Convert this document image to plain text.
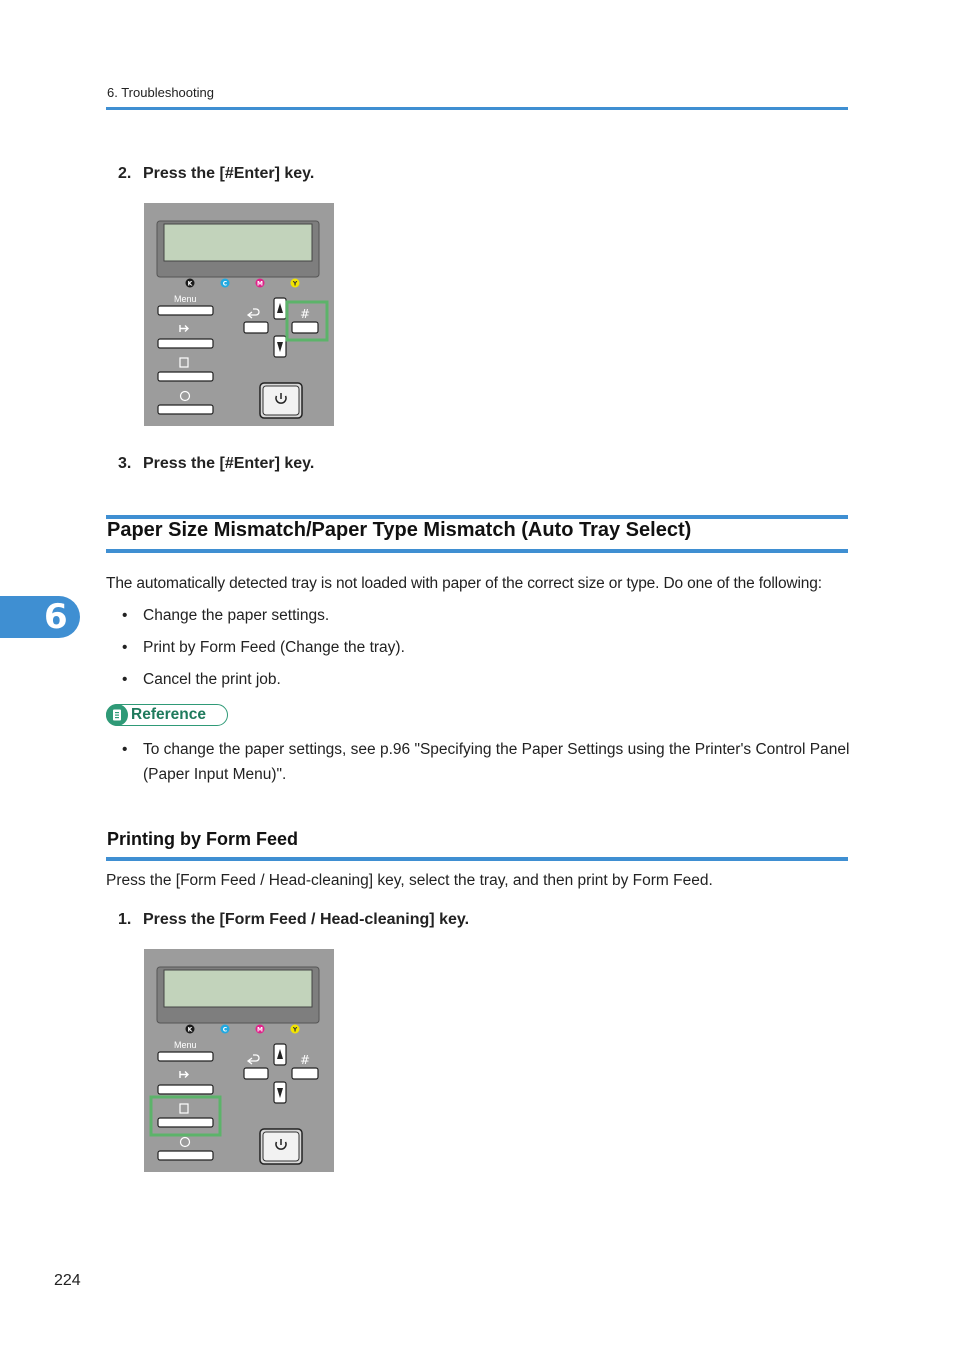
6. Troubleshooting
2. Press the [#Enter] key.
K	C	M	Y
Menu
#
3. Press the [#Enter] key.
Paper Size Mismatch/Paper Type Mismatch (Auto Tray Select)
The automatically detected tray is not loaded with paper of the correct size or type. Do one of the following:
• Change the paper settings.
• Print by Form Feed (Change the tray).
• Cancel the print job.
Reference
•	To change the paper settings, see p.96 "Specifying the Paper Settings using the Printer's Control Panel (Paper Input Menu)".
Printing by Form Feed
Press the [Form Feed / Head-cleaning] key, select the tray, and then print by Form Feed.
1. Press the [Form Feed / Head-cleaning] key.
K	C	M	Y
Menu
#
6
224
